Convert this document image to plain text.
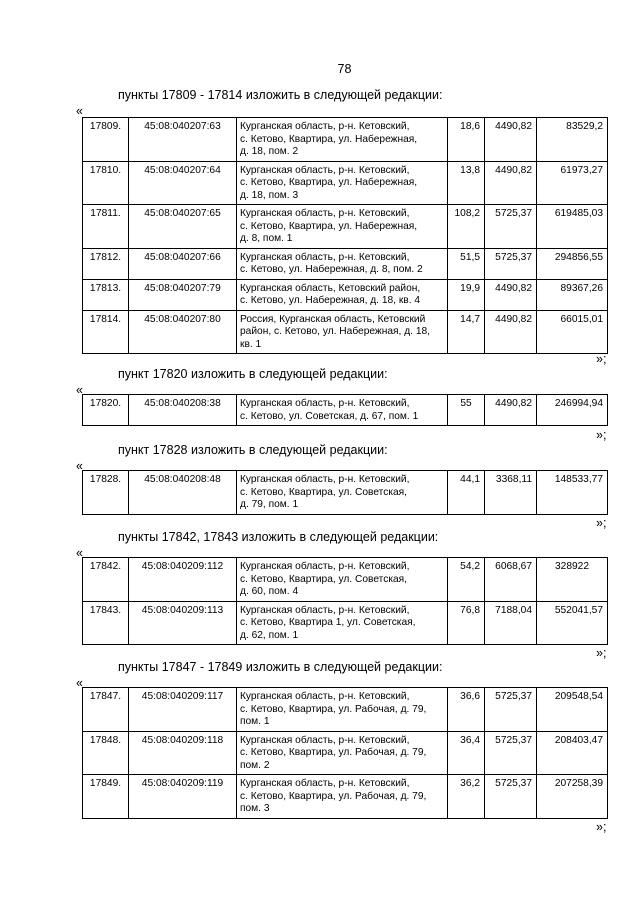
78
пункты 17809 - 17814 изложить в следующей редакции:
«
17809.	45:08:040207:63	Курганская область, р-н. Кетовский,
с. Кетово, Квартира, ул. Набережная,
д. 18, пом. 2	18,6	4490,82	83529,2
17810.	45:08:040207:64	Курганская область, р-н. Кетовский,
с. Кетово, Квартира, ул. Набережная,
д. 18, пом. 3	13,8	4490,82	61973,27
17811.	45:08:040207:65	Курганская область, р-н. Кетовский,
с. Кетово, Квартира, ул. Набережная,
д. 8, пом. 1	108,2	5725,37	619485,03
17812.	45:08:040207:66	Курганская область, р-н. Кетовский,
с. Кетово, ул. Набережная, д. 8, пом. 2	51,5	5725,37	294856,55
17813.	45:08:040207:79	Курганская область, Кетовский район,
с. Кетово, ул. Набережная, д. 18, кв. 4	19,9	4490,82	89367,26
17814.	45:08:040207:80	Россия, Курганская область, Кетовский
район, с. Кетово, ул. Набережная, д. 18,
кв. 1	14,7	4490,82	66015,01
»;
пункт 17820 изложить в следующей редакции:
«
17820.	45:08:040208:38	Курганская область, р-н. Кетовский,
с. Кетово, ул. Советская, д. 67, пом. 1	55	4490,82	246994,94
»;
пункт 17828 изложить в следующей редакции:
«
17828.	45:08:040208:48	Курганская область, р-н. Кетовский,
с. Кетово, Квартира, ул. Советская,
д. 79, пом. 1	44,1	3368,11	148533,77
»;
пункты 17842, 17843 изложить в следующей редакции:
«
17842.	45:08:040209:112	Курганская область, р-н. Кетовский,
с. Кетово, Квартира, ул. Советская,
д. 60, пом. 4	54,2	6068,67	328922
17843.	45:08:040209:113	Курганская область, р-н. Кетовский,
с. Кетово, Квартира 1, ул. Советская,
д. 62, пом. 1	76,8	7188,04	552041,57
»;
пункты 17847 - 17849 изложить в следующей редакции:
«
17847.	45:08:040209:117	Курганская область, р-н. Кетовский,
с. Кетово, Квартира, ул. Рабочая, д. 79,
пом. 1	36,6	5725,37	209548,54
17848.	45:08:040209:118	Курганская область, р-н. Кетовский,
с. Кетово, Квартира, ул. Рабочая, д. 79,
пом. 2	36,4	5725,37	208403,47
17849.	45:08:040209:119	Курганская область, р-н. Кетовский,
с. Кетово, Квартира, ул. Рабочая, д. 79,
пом. 3	36,2	5725,37	207258,39
»;
